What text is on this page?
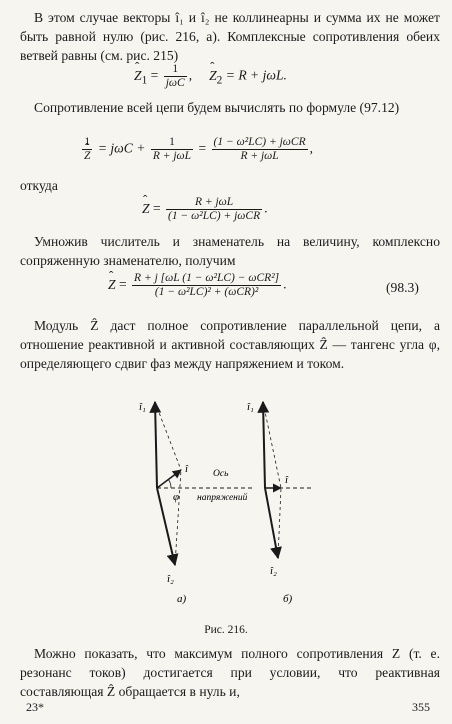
В этом случае векторы î₁ и î₂ не коллинеарны и сумма их не может быть равной нулю (рис. 216, а). Комплексные сопротивления обеих ветвей равны (см. рис. 215)

ˆ $Z_1 = \frac{1}{\text{jωC}}$ ,     ˆ $Z_2 = R + j\omega L$.

Сопротивление всей цепи будем вычислять по формуле (97.12)

1
ˆ $Z = j\omega C + \frac{1}{\text{R + jωL}} = \frac{\text{(1 − ω²LC) + jωCR}}{\text{R + jωL}}$ ,

откуда

ˆ $Z = \frac{\text{R + jωL}}{\text{(1 − ω²LC) + jωCR}}$ .

Умножив числитель и знаменатель на величину, комплексно сопряженную знаменателю, получим

ˆ $Z = \frac{\text{R + j [ωL (1 − ω²LC) − ωCR²]}}{\text{(1 − ω²LC)² + (ωCR)²}}$ .	(98.3)

Модуль Ẑ даст полное сопротивление параллельной цепи, а отношение реактивной и активной составляющих Ẑ — тангенс угла φ, определяющего сдвиг фаз между напряжением и током.

î₁
î₂
î
φ
Ось
напряжений
а)
î₁
î₂
î
б)
Рис. 216.

Можно показать, что максимум полного сопротивления Z (т. е. резонанс токов) достигается при условии, что реактивная составляющая Ẑ обращается в нуль и,

23*	355
